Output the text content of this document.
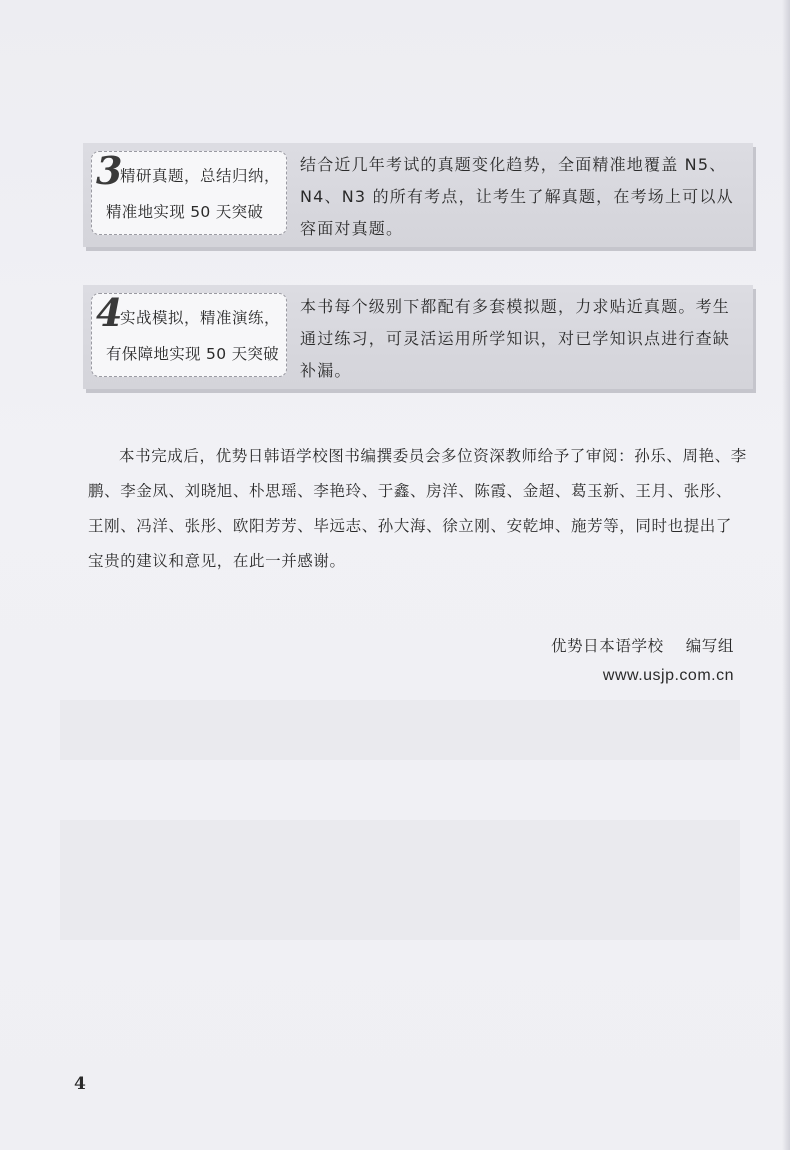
3
精研真题，总结归纳，
精准地实现 50 天突破
结合近几年考试的真题变化趋势，全面精准地覆盖 N5、N4、N3 的所有考点，让考生了解真题，在考场上可以从容面对真题。
4
实战模拟，精准演练，
有保障地实现 50 天突破
本书每个级别下都配有多套模拟题，力求贴近真题。考生通过练习，可灵活运用所学知识，对已学知识点进行查缺补漏。

本书完成后，优势日韩语学校图书编撰委员会多位资深教师给予了审阅：孙乐、周艳、李鹏、李金凤、刘晓旭、朴思瑶、李艳玲、于鑫、房洋、陈霞、金超、葛玉新、王月、张彤、王刚、冯洋、张彤、欧阳芳芳、毕远志、孙大海、徐立刚、安乾坤、施芳等，同时也提出了宝贵的建议和意见，在此一并感谢。

优势日本语学校 编写组
www.usjp.com.cn
4
